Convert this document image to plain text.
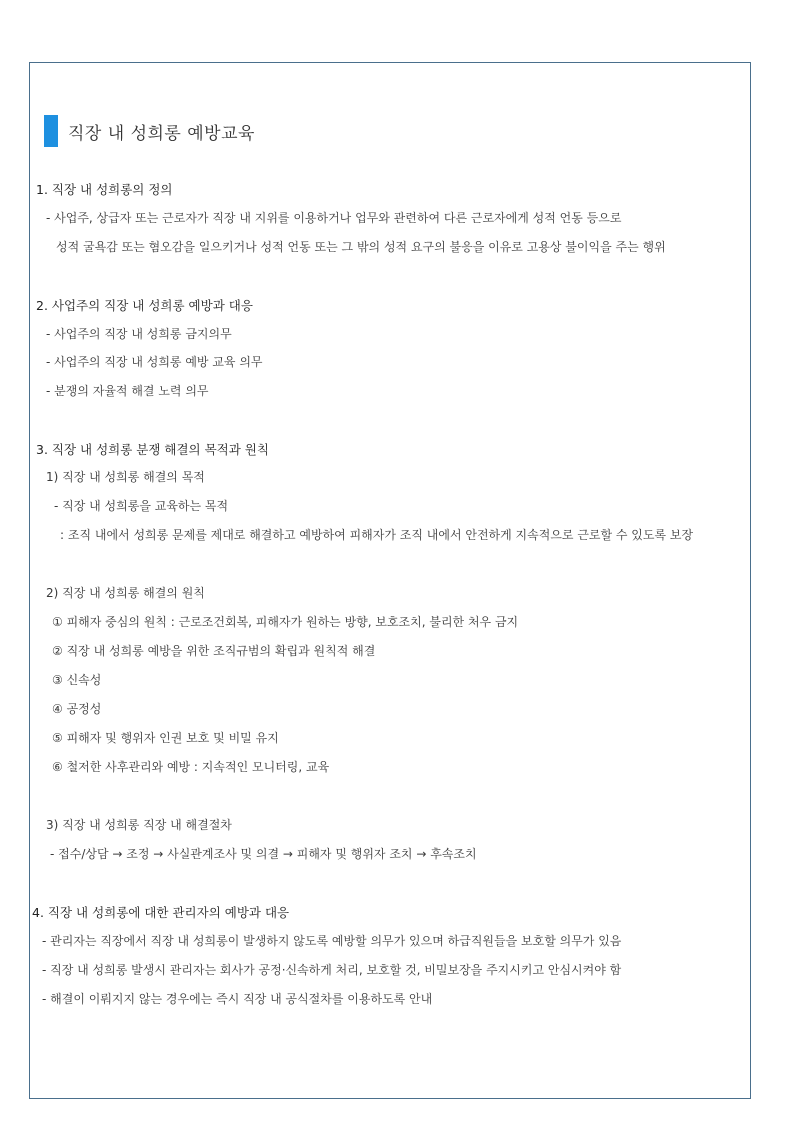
직장 내 성희롱 예방교육
1. 직장 내 성희롱의 정의
- 사업주, 상급자 또는 근로자가 직장 내 지위를 이용하거나 업무와 관련하여 다른 근로자에게 성적 언동 등으로
성적 굴욕감 또는 혐오감을 일으키거나 성적 언동 또는 그 밖의 성적 요구의 불응을 이유로 고용상 불이익을 주는 행위
2. 사업주의 직장 내 성희롱 예방과 대응
- 사업주의 직장 내 성희롱 금지의무
- 사업주의 직장 내 성희롱 예방 교육 의무
- 분쟁의 자율적 해결 노력 의무
3. 직장 내 성희롱 분쟁 해결의 목적과 원칙
1) 직장 내 성희롱 해결의 목적
- 직장 내 성희롱을 교육하는 목적
: 조직 내에서 성희롱 문제를 제대로 해결하고 예방하여 피해자가 조직 내에서 안전하게 지속적으로 근로할 수 있도록 보장
2) 직장 내 성희롱 해결의 원칙
① 피해자 중심의 원칙 : 근로조건회복, 피해자가 원하는 방향, 보호조치, 불리한 처우 금지
② 직장 내 성희롱 예방을 위한 조직규범의 확립과 원칙적 해결
③ 신속성
④ 공정성
⑤ 피해자 및 행위자 인권 보호 및 비밀 유지
⑥ 철저한 사후관리와 예방 : 지속적인 모니터링, 교육
3) 직장 내 성희롱 직장 내 해결절차
- 접수/상담 → 조정 → 사실관계조사 및 의결 → 피해자 및 행위자 조치 → 후속조치
4. 직장 내 성희롱에 대한 관리자의 예방과 대응
- 관리자는 직장에서 직장 내 성희롱이 발생하지 않도록 예방할 의무가 있으며 하급직원들을 보호할 의무가 있음
- 직장 내 성희롱 발생시 관리자는 회사가 공정·신속하게 처리, 보호할 것, 비밀보장을 주지시키고 안심시켜야 함
- 해결이 이뤄지지 않는 경우에는 즉시 직장 내 공식절차를 이용하도록 안내
